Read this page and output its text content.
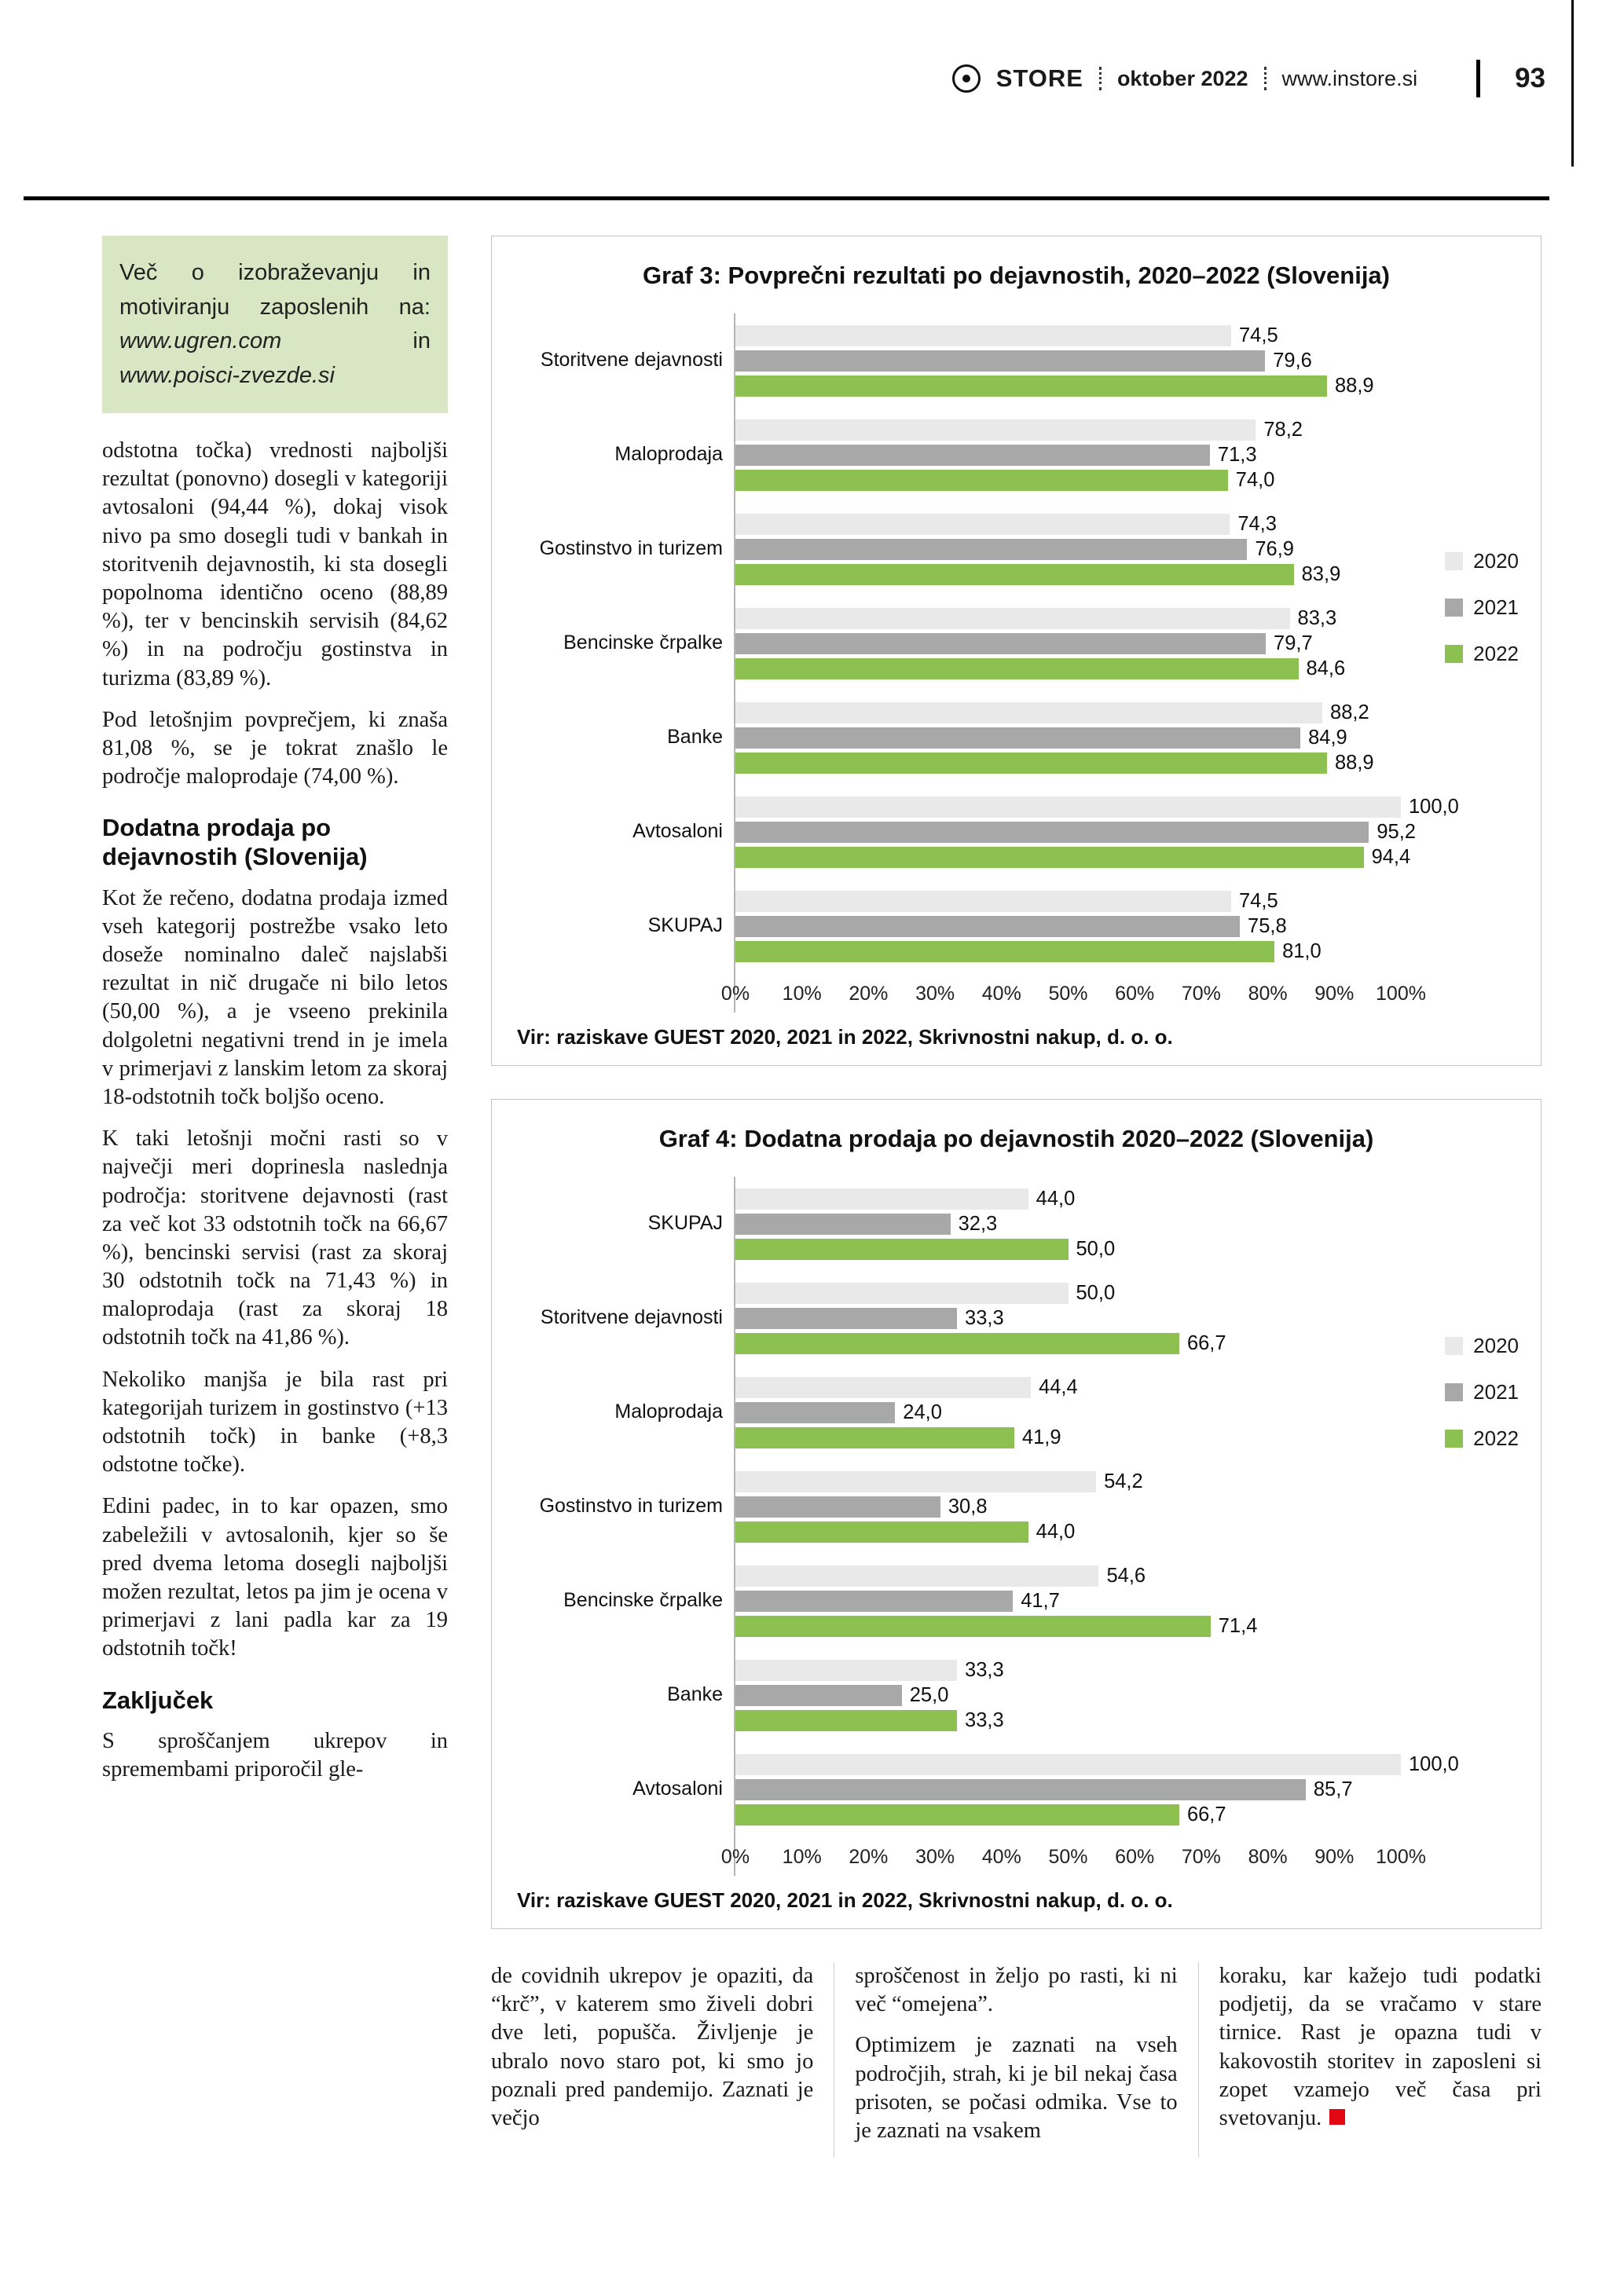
STORE oktober 2022 www.instore.si	93
Več o izobraževanju in motiviranju zaposlenih na: www.ugren.com	in www.poisci-zvezde.si

odstotna točka) vrednosti najboljši rezultat (ponovno) dosegli v kategoriji avtosaloni (94,44 %), dokaj visok nivo pa smo dosegli tudi v bankah in storitvenih dejavnostih, ki sta dosegli popolnoma identično oceno (88,89 %), ter v bencinskih servisih (84,62 %) in na področju gostinstva in turizma (83,89 %).

Pod letošnjim povprečjem, ki znaša 81,08 %, se je tokrat znašlo le področje maloprodaje (74,00 %).

Dodatna prodaja po dejavnostih (Slovenija)

Kot že rečeno, dodatna prodaja izmed vseh kategorij postrežbe vsako leto doseže nominalno daleč najslabši rezultat in nič drugače ni bilo letos (50,00 %), a je vseeno prekinila dolgoletni negativni trend in je imela v primerjavi z lanskim letom za skoraj 18-odstotnih točk boljšo oceno.

K taki letošnji močni rasti so v največji meri doprinesla naslednja področja: storitvene dejavnosti (rast za več kot 33 odstotnih točk na 66,67 %), bencinski servisi (rast za skoraj 30 odstotnih točk na 71,43 %) in maloprodaja (rast za skoraj 18 odstotnih točk na 41,86 %).

Nekoliko manjša je bila rast pri kategorijah turizem in gostinstvo (+13 odstotnih točk) in banke (+8,3 odstotne točke).

Edini padec, in to kar opazen, smo zabeležili v avtosalonih, kjer so še pred dvema letoma dosegli najboljši možen rezultat, letos pa jim je ocena v primerjavi z lani padla kar za 19 odstotnih točk!

Zaključek

S sproščanjem ukrepov in spremembami priporočil gle-

Graf 3: Povprečni rezultati po dejavnostih, 2020–2022 (Slovenija)
Storitvene dejavnosti
74,5
79,6
88,9
Maloprodaja
78,2
71,3
74,0
Gostinstvo in turizem
74,3
76,9
83,9
Bencinske črpalke
83,3
79,7
84,6
Banke
88,2
84,9
88,9
Avtosaloni
100,0
95,2
94,4
SKUPAJ
74,5
75,8
81,0
0% 10% 20% 30% 40% 50% 60% 70% 80% 90% 100%
2020
2021
2022
Vir: raziskave GUEST 2020, 2021 in 2022, Skrivnostni nakup, d. o. o.
Graf 4: Dodatna prodaja po dejavnostih 2020–2022 (Slovenija)
SKUPAJ
44,0
32,3
50,0
Storitvene dejavnosti
50,0
33,3
66,7
Maloprodaja
44,4
24,0
41,9
Gostinstvo in turizem
54,2
30,8
44,0
Bencinske črpalke
54,6
41,7
71,4
Banke
33,3
25,0
33,3
Avtosaloni
100,0
85,7
66,7
0% 10% 20% 30% 40% 50% 60% 70% 80% 90% 100%
2020
2021
2022
Vir: raziskave GUEST 2020, 2021 in 2022, Skrivnostni nakup, d. o. o.

de covidnih ukrepov je opaziti, da “krč”, v katerem smo živeli dobri dve leti, popušča. Življenje je ubralo novo staro pot, ki smo jo poznali pred pandemijo. Zaznati je večjo

sproščenost in željo po rasti, ki ni več “omejena”.

Optimizem je zaznati na vseh področjih, strah, ki je bil nekaj časa prisoten, se počasi odmika. Vse to je zaznati na vsakem

koraku, kar kažejo tudi podatki podjetij, da se vračamo v stare tirnice. Rast je opazna tudi v kakovostih storitev in zaposleni si zopet vzamejo več časa pri svetovanju.
